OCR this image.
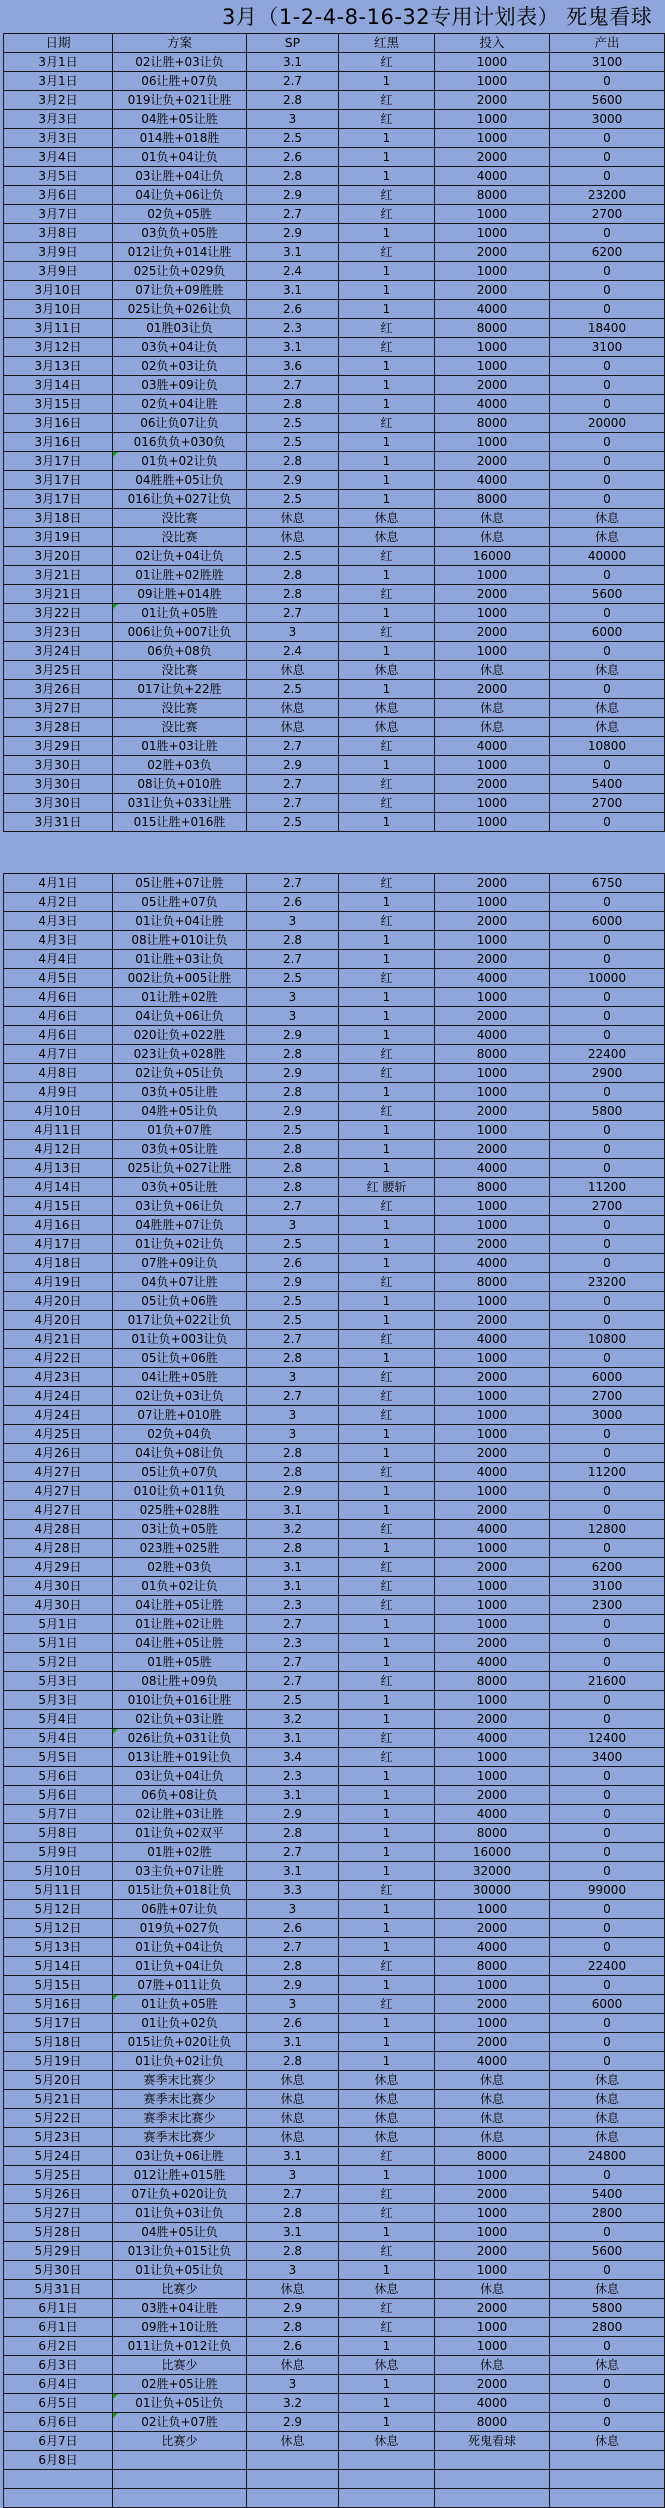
3月（1-2-4-8-16-32专用计划表） 死鬼看球
日期	方案	SP	红黑	投入	产出
3月1日	02让胜+03让负	3.1	红	1000	3100
3月1日	06让胜+07负	2.7	1	1000	0
3月2日	019让负+021让胜	2.8	红	2000	5600
3月3日	04胜+05让胜	3	红	1000	3000
3月3日	014胜+018胜	2.5	1	1000	0
3月4日	01负+04让负	2.6	1	2000	0
3月5日	03让胜+04让负	2.8	1	4000	0
3月6日	04让负+06让负	2.9	红	8000	23200
3月7日	02负+05胜	2.7	红	1000	2700
3月8日	03负负+05胜	2.9	1	1000	0
3月9日	012让负+014让胜	3.1	红	2000	6200
3月9日	025让负+029负	2.4	1	1000	0
3月10日	07让负+09胜胜	3.1	1	2000	0
3月10日	025让负+026让负	2.6	1	4000	0
3月11日	01胜03让负	2.3	红	8000	18400
3月12日	03负+04让负	3.1	红	1000	3100
3月13日	02负+03让负	3.6	1	1000	0
3月14日	03胜+09让负	2.7	1	2000	0
3月15日	02负+04让胜	2.8	1	4000	0
3月16日	06让负07让负	2.5	红	8000	20000
3月16日	016负负+030负	2.5	1	1000	0
3月17日	01负+02让负	2.8	1	2000	0
3月17日	04胜胜+05让负	2.9	1	4000	0
3月17日	016让负+027让负	2.5	1	8000	0
3月18日	没比赛	休息	休息	休息	休息
3月19日	没比赛	休息	休息	休息	休息
3月20日	02让负+04让负	2.5	红	16000	40000
3月21日	01让胜+02胜胜	2.8	1	1000	0
3月21日	09让胜+014胜	2.8	红	2000	5600
3月22日	01让负+05胜	2.7	1	1000	0
3月23日	006让负+007让负	3	红	2000	6000
3月24日	06负+08负	2.4	1	1000	0
3月25日	没比赛	休息	休息	休息	休息
3月26日	017让负+22胜	2.5	1	2000	0
3月27日	没比赛	休息	休息	休息	休息
3月28日	没比赛	休息	休息	休息	休息
3月29日	01胜+03让胜	2.7	红	4000	10800
3月30日	02胜+03负	2.9	1	1000	0
3月30日	08让负+010胜	2.7	红	2000	5400
3月30日	031让负+033让胜	2.7	红	1000	2700
3月31日	015让胜+016胜	2.5	1	1000	0
4月1日	05让胜+07让胜	2.7	红	2000	6750
4月2日	05让胜+07负	2.6	1	1000	0
4月3日	01让负+04让胜	3	红	2000	6000
4月3日	08让胜+010让负	2.8	1	1000	0
4月4日	01让胜+03让负	2.7	1	2000	0
4月5日	002让负+005让胜	2.5	红	4000	10000
4月6日	01让胜+02胜	3	1	1000	0
4月6日	04让负+06让负	3	1	2000	0
4月6日	020让负+022胜	2.9	1	4000	0
4月7日	023让负+028胜	2.8	红	8000	22400
4月8日	02让负+05让负	2.9	红	1000	2900
4月9日	03负+05让胜	2.8	1	1000	0
4月10日	04胜+05让负	2.9	红	2000	5800
4月11日	01负+07胜	2.5	1	1000	0
4月12日	03负+05让胜	2.8	1	2000	0
4月13日	025让负+027让胜	2.8	1	4000	0
4月14日	03负+05让胜	2.8	红 腰斩	8000	11200
4月15日	03让负+06让负	2.7	红	1000	2700
4月16日	04胜胜+07让负	3	1	1000	0
4月17日	01让负+02让负	2.5	1	2000	0
4月18日	07胜+09让负	2.6	1	4000	0
4月19日	04负+07让胜	2.9	红	8000	23200
4月20日	05让负+06胜	2.5	1	1000	0
4月20日	017让负+022让负	2.5	1	2000	0
4月21日	01让负+003让负	2.7	红	4000	10800
4月22日	05让负+06胜	2.8	1	1000	0
4月23日	04让胜+05胜	3	红	2000	6000
4月24日	02让负+03让负	2.7	红	1000	2700
4月24日	07让胜+010胜	3	红	1000	3000
4月25日	02负+04负	3	1	1000	0
4月26日	04让负+08让负	2.8	1	2000	0
4月27日	05让负+07负	2.8	红	4000	11200
4月27日	010让负+011负	2.9	1	1000	0
4月27日	025胜+028胜	3.1	1	2000	0
4月28日	03让负+05胜	3.2	红	4000	12800
4月28日	023胜+025胜	2.8	1	1000	0
4月29日	02胜+03负	3.1	红	2000	6200
4月30日	01负+02让负	3.1	红	1000	3100
4月30日	04让胜+05让胜	2.3	红	1000	2300
5月1日	01让胜+02让胜	2.7	1	1000	0
5月1日	04让胜+05让胜	2.3	1	2000	0
5月2日	01胜+05胜	2.7	1	4000	0
5月3日	08让胜+09负	2.7	红	8000	21600
5月3日	010让负+016让胜	2.5	1	1000	0
5月4日	02让负+03让胜	3.2	1	2000	0
5月4日	026让负+031让负	3.1	红	4000	12400
5月5日	013让胜+019让负	3.4	红	1000	3400
5月6日	03让负+04让负	2.3	1	1000	0
5月6日	06负+08让负	3.1	1	2000	0
5月7日	02让胜+03让胜	2.9	1	4000	0
5月8日	01让负+02双平	2.8	1	8000	0
5月9日	01胜+02胜	2.7	1	16000	0
5月10日	03主负+07让胜	3.1	1	32000	0
5月11日	015让负+018让负	3.3	红	30000	99000
5月12日	06胜+07让负	3	1	1000	0
5月12日	019负+027负	2.6	1	2000	0
5月13日	01让负+04让负	2.7	1	4000	0
5月14日	01让负+04让负	2.8	红	8000	22400
5月15日	07胜+011让负	2.9	1	1000	0
5月16日	01让负+05胜	3	红	2000	6000
5月17日	01让负+02负	2.6	1	1000	0
5月18日	015让负+020让负	3.1	1	2000	0
5月19日	01让负+02让负	2.8	1	4000	0
5月20日	赛季末比赛少	休息	休息	休息	休息
5月21日	赛季末比赛少	休息	休息	休息	休息
5月22日	赛季末比赛少	休息	休息	休息	休息
5月23日	赛季末比赛少	休息	休息	休息	休息
5月24日	03让负+06让胜	3.1	红	8000	24800
5月25日	012让胜+015胜	3	1	1000	0
5月26日	07让负+020让负	2.7	红	2000	5400
5月27日	01让负+03让负	2.8	红	1000	2800
5月28日	04胜+05让负	3.1	1	1000	0
5月29日	013让负+015让负	2.8	红	2000	5600
5月30日	01让负+05让负	3	1	1000	0
5月31日	比赛少	休息	休息	休息	休息
6月1日	03胜+04让胜	2.9	红	2000	5800
6月1日	09胜+10让胜	2.8	红	1000	2800
6月2日	011让负+012让负	2.6	1	1000	0
6月3日	比赛少	休息	休息	休息	休息
6月4日	02胜+05让胜	3	1	2000	0
6月5日	01让负+05让负	3.2	1	4000	0
6月6日	02让负+07胜	2.9	1	8000	0
6月7日	比赛少	休息	休息	死鬼看球	休息
6月8日					
